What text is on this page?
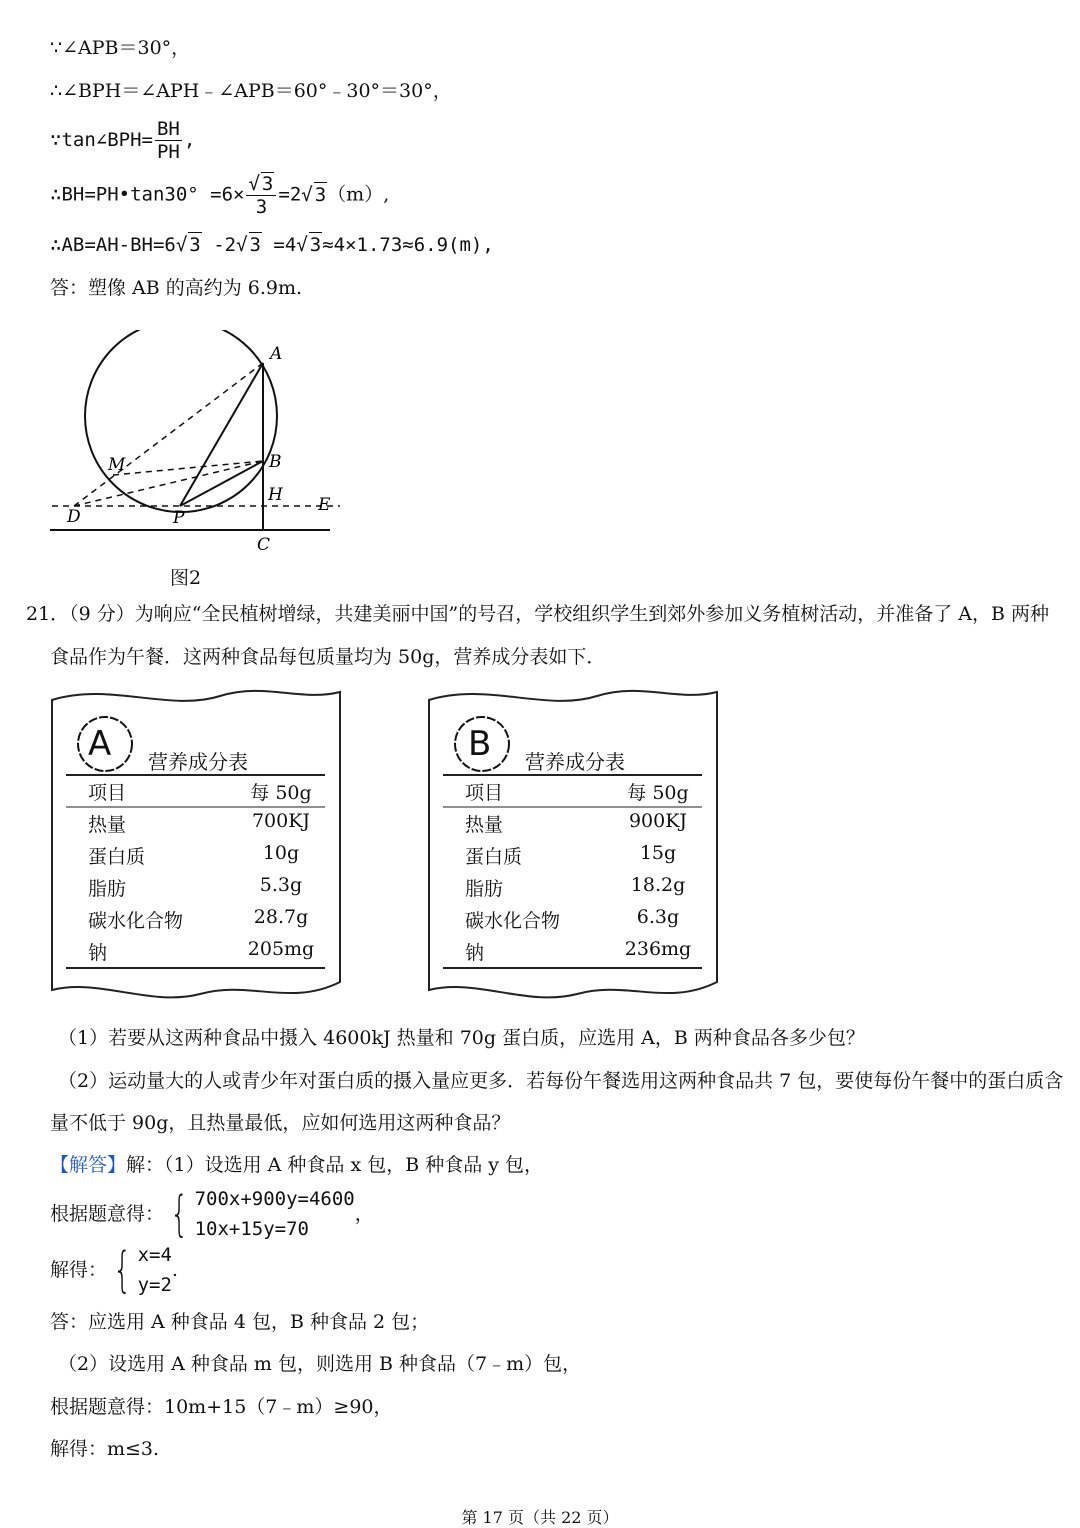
∵∠APB＝30°，
∴∠BPH＝∠APH﹣∠APB＝60°﹣30°＝30°，
∵tan∠BPH= $\frac{BH}{PH}$ ,
∴BH=PH•tan30° =6×
√ $\frac{3}{3} =2√$ 3（m）,
∴AB=AH-BH=6√ 3 -2√ 3 =4√ 3≈4×1.73≈6.9(m),
答：塑像 AB 的高约为 6.9m.
A
B
M
H E
D	P
C
图2
21．（9 分）为响应“全民植树增绿，共建美丽中国”的号召，学校组织学生到郊外参加义务植树活动，并准备了 A，B 两种
食品作为午餐．这两种食品每包质量均为 50g，营养成分表如下．
A 营养成分表
项目	每 50g
热量	700KJ
蛋白质	10g
脂肪	5.3g
碳水化合物	28.7g
钠	205mg
B 营养成分表
项目	每 50g
热量	900KJ
蛋白质	15g
脂肪	18.2g
碳水化合物	6.3g
钠	236mg
（1）若要从这两种食品中摄入 4600kJ 热量和 70g 蛋白质，应选用 A，B 两种食品各多少包？
（2）运动量大的人或青少年对蛋白质的摄入量应更多．若每份午餐选用这两种食品共 7 包，要使每份午餐中的蛋白质含
量不低于 90g，且热量最低，应如何选用这两种食品？
【解答】解：（1）设选用 A 种食品 x 包，B 种食品 y 包，
根据题意得： { 700x+900y=4600
10x+15y=70
，
解得： { x=4
y=2
.
答：应选用 A 种食品 4 包，B 种食品 2 包；
（2）设选用 A 种食品 m 包，则选用 B 种食品（7﹣m）包，
根据题意得：10m+15（7﹣m）≥90，
解得：m≤3.
第 17 页（共 22 页）
